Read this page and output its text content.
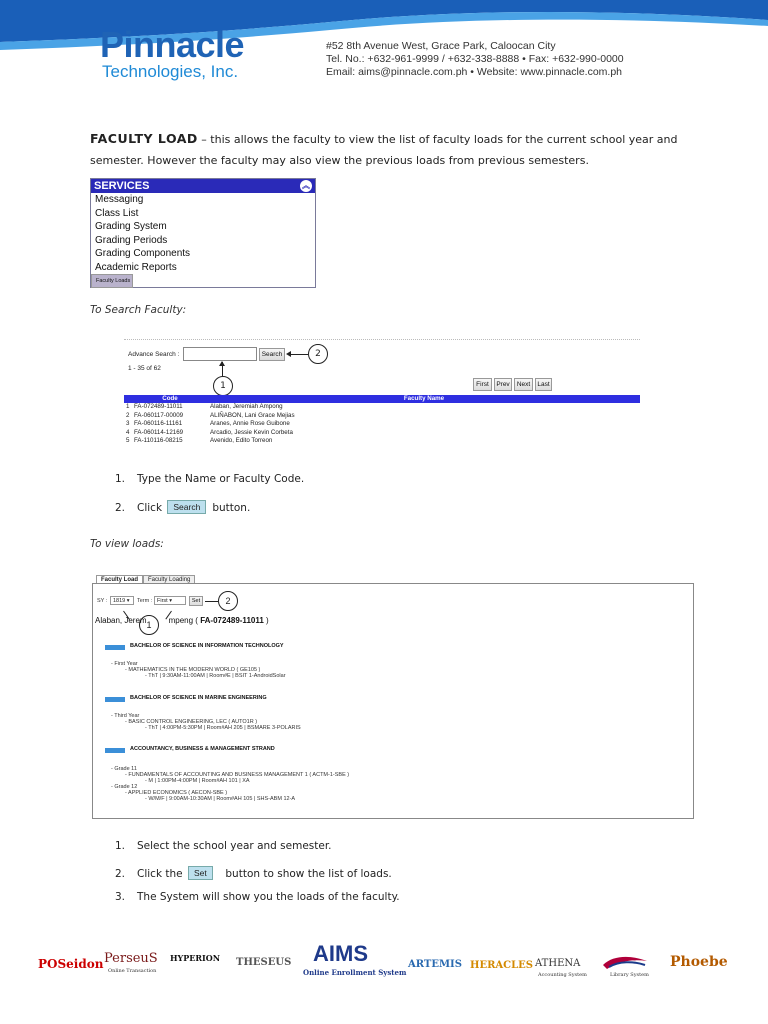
Pinnacle
Technologies, Inc.
#52 8th Avenue West, Grace Park, Caloocan City
Tel. No.: +632-961-9999 / +632-338-8888 • Fax: +632-990-0000
Email: aims@pinnacle.com.ph • Website: www.pinnacle.com.ph
FACULTY LOAD – this allows the faculty to view the list of faculty loads for the current school year and semester. However the faculty may also view the previous loads from previous semesters.
SERVICES	︽
Messaging
Class List
Grading System
Grading Periods
Grading Components
Academic Reports
Faculty Loads
To Search Faculty:
Advance Search :	Search	2
1 - 35 of 62
1	First	Prev	Next	Last
	Code	Faculty Name
1	FA-072489-11011	Alaban, Jeremiah Ampong
2	FA-060117-00009	ALIÑABON, Lani Grace Mejias
3	FA-060116-11161	Aranes, Annie Rose Guibone
4	FA-060114-12169	Arcadio, Jessie Kevin Corbeta
5	FA-110116-08215	Avenido, Edito Torreon
1. Type the Name or Faculty Code.
2. Click Search button.
To view loads:
Faculty Load Faculty Loading
SY :	1819 ▾	Term : First ▾	Set	2
1
Alaban, Jerem	mpeng ( FA-072489-11011 )
BACHELOR OF SCIENCE IN INFORMATION TECHNOLOGY
- First Year
- MATHEMATICS IN THE MODERN WORLD ( GE105 )
- ThT | 9:30AM-11:00AM | Room#E | BSIT 1-AndroidSolar
BACHELOR OF SCIENCE IN MARINE ENGINEERING
- Third Year
- BASIC CONTROL ENGINEERING, LEC ( AUTO1R )
- ThT | 4:00PM-5:30PM | Room#AH 205 | BSMARE 3-POLARIS
ACCOUNTANCY, BUSINESS & MANAGEMENT STRAND
- Grade 11
- FUNDAMENTALS OF ACCOUNTING AND BUSINESS MANAGEMENT 1 ( ACTM-1-SBE )
- M | 1:00PM-4:00PM | Room#AH 101 | XA
- Grade 12
- APPLIED ECONOMICS ( AECON-SBE )
- W/M/F | 9:00AM-10:30AM | Room#AH 105 | SHS-ABM 12-A
1. Select the school year and semester.
2. Click the Set button to show the list of loads.
3. The System will show you the loads of the faculty.
POSeidon PerseuS
Online Transaction
HYPERION THESEUS AIMS
Online Enrollment System
ARTEMIS HERACLES ATHENA
Accounting System	Library System
Phoebe
